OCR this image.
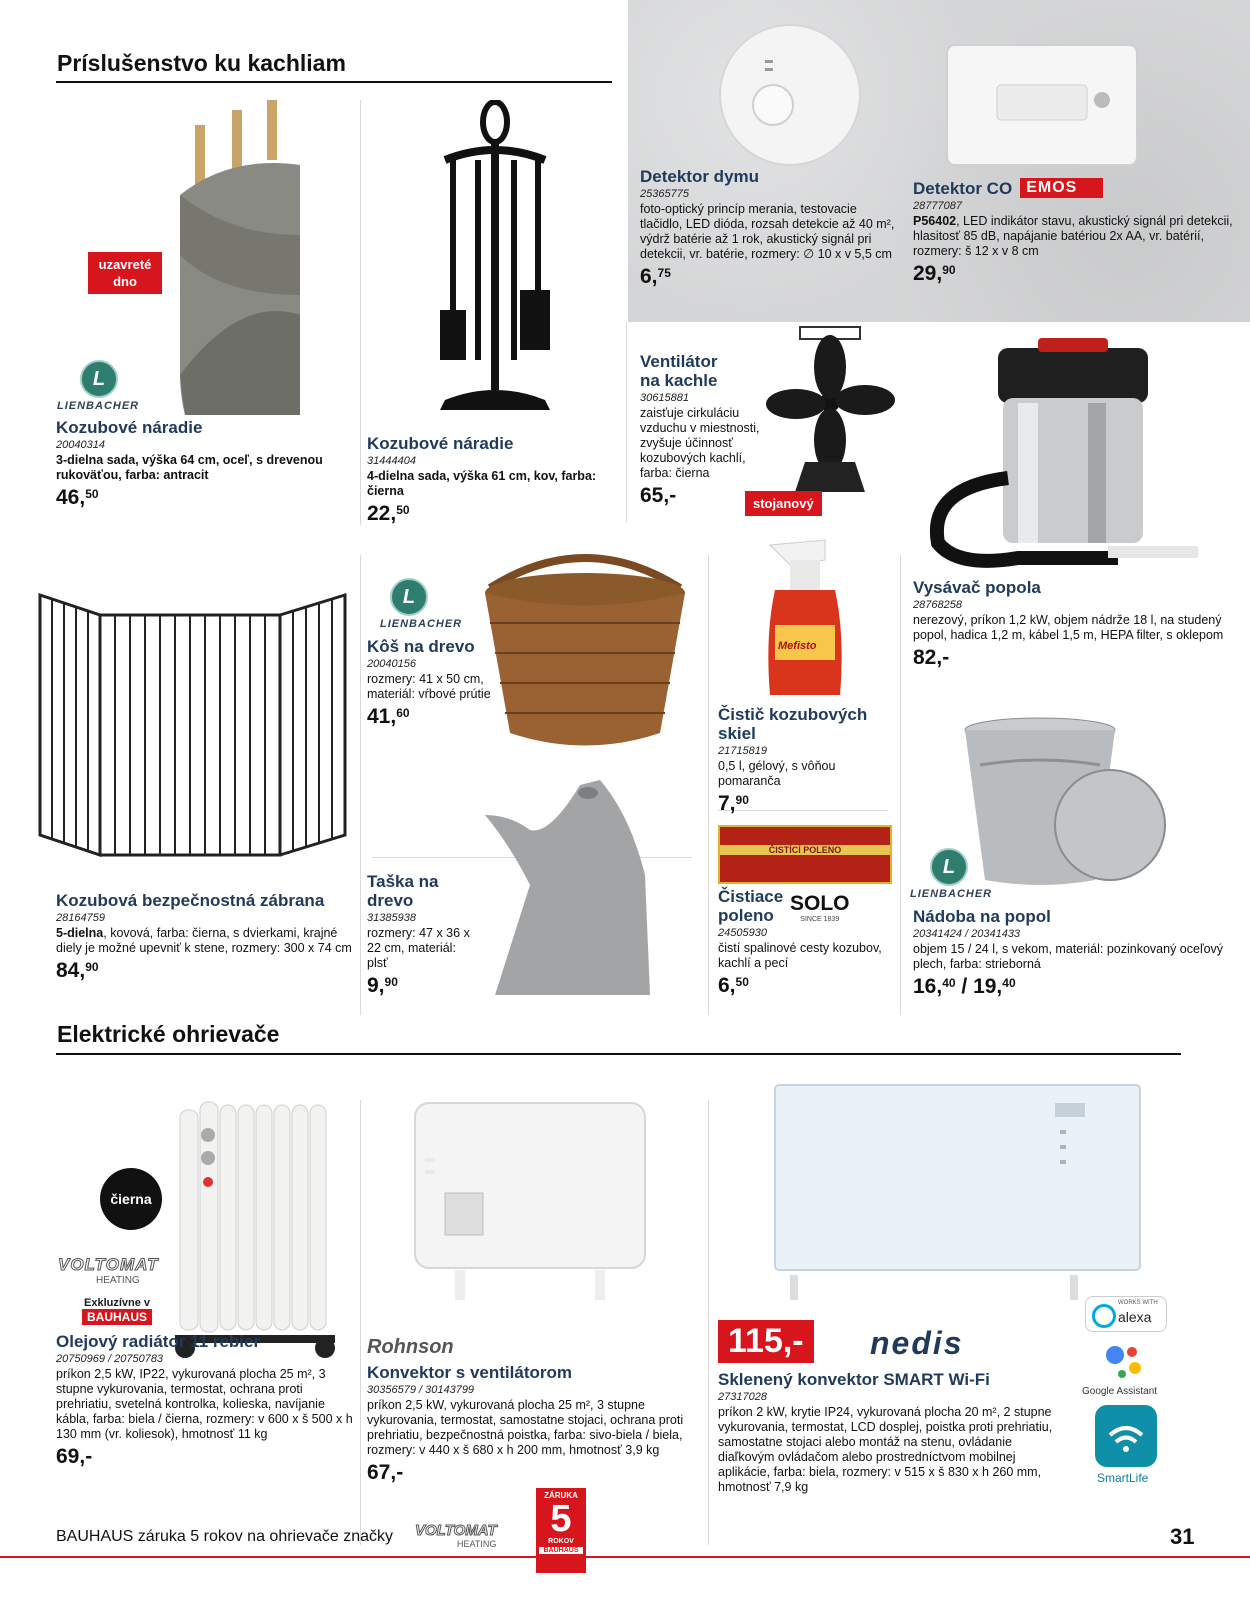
Príslušenstvo ku kachliam
uzavreté dno
L
LIENBACHER
Kozubové náradie
20040314
3-dielna sada, výška 64 cm, oceľ, s drevenou rukoväťou, farba: antracit
46,50
Kozubové náradie
31444404
4-dielna sada, výška 61 cm, kov, farba: čierna
22,50
Detektor dymu
25365775
foto-optický princíp merania, testovacie tlačidlo, LED dióda, rozsah detekcie až 40 m², výdrž batérie až 1 rok, akustický signál pri detekcii, vr. batérie, rozmery: ∅ 10 x v 5,5 cm
6,75
Detektor CO EMOS
28777087
P56402, LED indikátor stavu, akustický signál pri detekcii, hlasitosť 85 dB, napájanie batériou 2x AA, vr. batérií, rozmery: š 12 x v 8 cm
29,90
stojanový
Ventilátor na kachle
30615881
zaisťuje cirkuláciu vzduchu v miestnosti, zvyšuje účinnosť kozubových kachlí, farba: čierna
65,-
Vysávač popola
28768258
nerezový, príkon 1,2 kW, objem nádrže 18 l, na studený popol, hadica 1,2 m, kábel 1,5 m, HEPA filter, s oklepom
82,-
Kozubová bezpečnostná zábrana
28164759
5-dielna, kovová, farba: čierna, s dvierkami, krajné diely je možné upevniť k stene, rozmery: 300 x 74 cm
84,90
L
LIENBACHER
Kôš na drevo
20040156
rozmery: 41 x 50 cm, materiál: vŕbové prútie
41,60
Mefisto
Čistič kozubových skiel
21715819
0,5 l, gélový, s vôňou pomaranča
7,90
Taška na drevo
31385938
rozmery: 47 x 36 x 22 cm, materiál: plsť
9,90
ČISTÍCÍ POLENO
SOLO
SINCE 1839
Čistiace poleno
24505930
čistí spalinové cesty kozubov, kachlí a pecí
6,50
L
LIENBACHER
Nádoba na popol
20341424 / 20341433
objem 15 / 24 l, s vekom, materiál: pozinkovaný oceľový plech, farba: strieborná
16,40 / 19,40
Elektrické ohrievače
čierna
VOLTOMAT
HEATING
Exkluzívne v
BAUHAUS
Olejový radiátor 11 rebier
20750969 / 20750783
príkon 2,5 kW, IP22, vykurovaná plocha 25 m², 3 stupne vykurovania, termostat, ochrana proti prehriatiu, svetelná kontrolka, kolieska, navíjanie kábla, farba: biela / čierna, rozmery: v 600 x š 500 x h 130 mm (vr. koliesok), hmotnosť 11 kg
69,-
Rohnson
Konvektor s ventilátorom
30356579 / 30143799
príkon 2,5 kW, vykurovaná plocha 25 m², 3 stupne vykurovania, termostat, samostatne stojaci, ochrana proti prehriatiu, bezpečnostná poistka, farba: sivo-biela / biela, rozmery: v 440 x š 680 x h 200 mm, hmotnosť 3,9 kg
67,-
115,-	nedis
Sklenený konvektor SMART Wi-Fi
27317028
príkon 2 kW, krytie IP24, vykurovaná plocha 20 m², 2 stupne vykurovania, termostat, LCD dosplej, poistka proti prehriatiu, samostatne stojaci alebo montáž na stenu, ovládanie diaľkovým ovládačom alebo prostredníctvom mobilnej aplikácie, farba: biela, rozmery: v 515 x š 830 x h 260 mm, hmotnosť 7,9 kg
WORKS WITH
alexa
Google Assistant
SmartLife
BAUHAUS záruka 5 rokov na ohrievače značky VOLTOMAT
HEATING
ZÁRUKA
5
ROKOV
BAUHAUS
31
